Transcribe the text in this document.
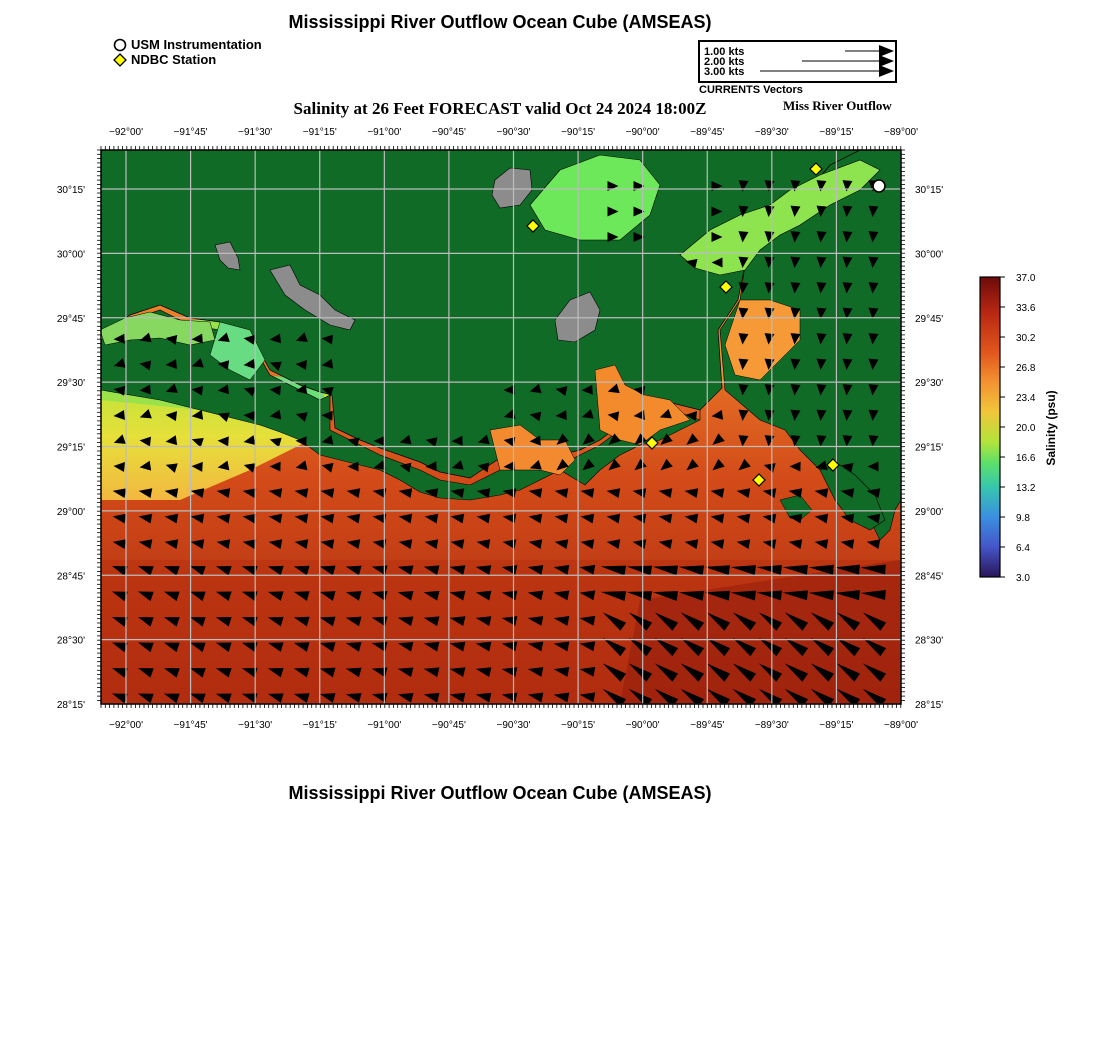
Mississippi River Outflow Ocean Cube (AMSEAS)
USM Instrumentation
NDBC Station	1.00 kts
2.00 kts
3.00 kts
CURRENTS Vectors
Salinity at 26 Feet FORECAST valid Oct 24 2024 18:00Z	Miss River Outflow
−92°00'	−91°45'	−91°30'	−91°15'	−91°00'	−90°45'	−90°30'	−90°15'	−90°00'	−89°45'	−89°30'	−89°15'	−89°00'
−92°00'	−91°45'	−91°30'	−91°15'	−91°00'	−90°45'	−90°30'	−90°15'	−90°00'	−89°45'	−89°30'	−89°15'	−89°00'
30°15'
30°00'
29°45'
29°30'
29°15'
29°00'
28°45'
28°30'
28°15'
30°15'
30°00'
29°45'
29°30'
29°15'
29°00'
28°45'
28°30'
28°15'
37.0
33.6
30.2
26.8
23.4
20.0
16.6
13.2
9.8
6.4
3.0
Salinity (psu)
Mississippi River Outflow Ocean Cube (AMSEAS)
